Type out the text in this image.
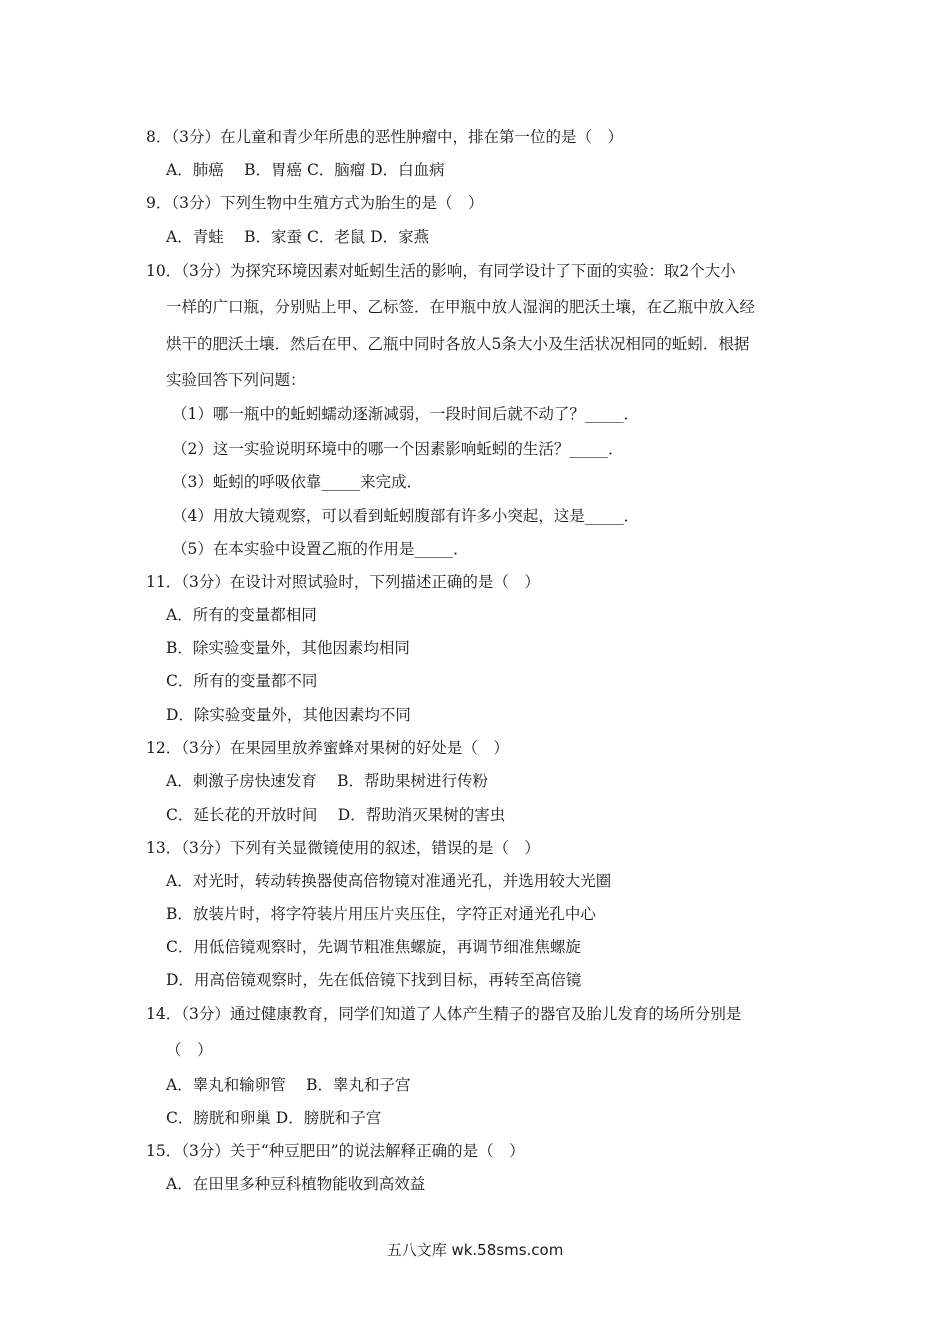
8．（3分）在儿童和青少年所患的恶性肿瘤中，排在第一位的是（　）
A．肺癌　 B．胃癌 C．脑瘤 D．白血病
9．（3分）下列生物中生殖方式为胎生的是（　）
A．青蛙　 B．家蚕 C．老鼠 D．家燕
10．（3分）为探究环境因素对蚯蚓生活的影响，有同学设计了下面的实验：取2个大小
一样的广口瓶，分别贴上甲、乙标签．在甲瓶中放人湿润的肥沃土壤，在乙瓶中放入经
烘干的肥沃土壤．然后在甲、乙瓶中同时各放人5条大小及生活状况相同的蚯蚓．根据
实验回答下列问题：
（1）哪一瓶中的蚯蚓蠕动逐渐减弱，一段时间后就不动了？_____．
（2）这一实验说明环境中的哪一个因素影响蚯蚓的生活？_____．
（3）蚯蚓的呼吸依靠_____来完成．
（4）用放大镜观察，可以看到蚯蚓腹部有许多小突起，这是_____．
（5）在本实验中设置乙瓶的作用是_____．
11．（3分）在设计对照试验时，下列描述正确的是（　）
A．所有的变量都相同
B．除实验变量外，其他因素均相同
C．所有的变量都不同
D．除实验变量外，其他因素均不同
12．（3分）在果园里放养蜜蜂对果树的好处是（　）
A．刺激子房快速发育　 B．帮助果树进行传粉
C．延长花的开放时间　 D．帮助消灭果树的害虫
13．（3分）下列有关显微镜使用的叙述，错误的是（　）
A．对光时，转动转换器使高倍物镜对准通光孔，并选用较大光圈
B．放装片时，将字符装片用压片夹压住，字符正对通光孔中心
C．用低倍镜观察时，先调节粗准焦螺旋，再调节细准焦螺旋
D．用高倍镜观察时，先在低倍镜下找到目标，再转至高倍镜
14．（3分）通过健康教育，同学们知道了人体产生精子的器官及胎儿发育的场所分别是
（　）
A．睾丸和输卵管　 B．睾丸和子宫
C．膀胱和卵巢 D．膀胱和子宫
15．（3分）关于“种豆肥田”的说法解释正确的是（　）
A．在田里多种豆科植物能收到高效益
五八文库 wk.58sms.com
